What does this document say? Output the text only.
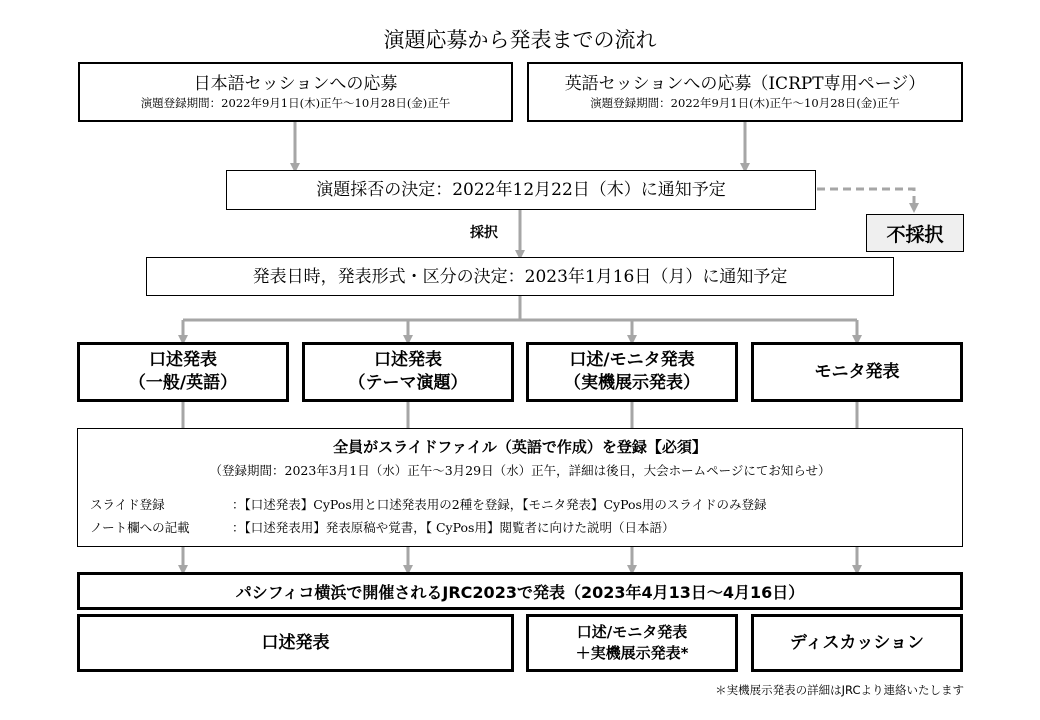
演題応募から発表までの流れ
日本語セッションへの応募
演題登録期間：2022年9月1日(木)正午〜10月28日(金)正午
英語セッションへの応募（ICRPT専用ページ）
演題登録期間：2022年9月1日(木)正午〜10月28日(金)正午
演題採否の決定：2022年12月22日（木）に通知予定
採択	不採択
発表日時，発表形式・区分の決定：2023年1月16日（月）に通知予定
口述発表
（一般/英語）
口述発表
（テーマ演題）
口述/モニタ発表
（実機展示発表）
モニタ発表
全員がスライドファイル（英語で作成）を登録【必須】
（登録期間：2023年3月1日（水）正午〜3月29日（水）正午，詳細は後日，大会ホームページにてお知らせ）
スライド登録	：【口述発表】CyPos用と口述発表用の2種を登録，【モニタ発表】CyPos用のスライドのみ登録
ノート欄への記載	：【口述発表用】発表原稿や覚書，【 CyPos用】閲覧者に向けた説明（日本語）
パシフィコ横浜で開催されるJRC2023で発表（2023年4月13日〜4月16日）
口述発表
口述/モニタ発表
＋実機展示発表*
ディスカッション
＊実機展示発表の詳細はJRCより連絡いたします
